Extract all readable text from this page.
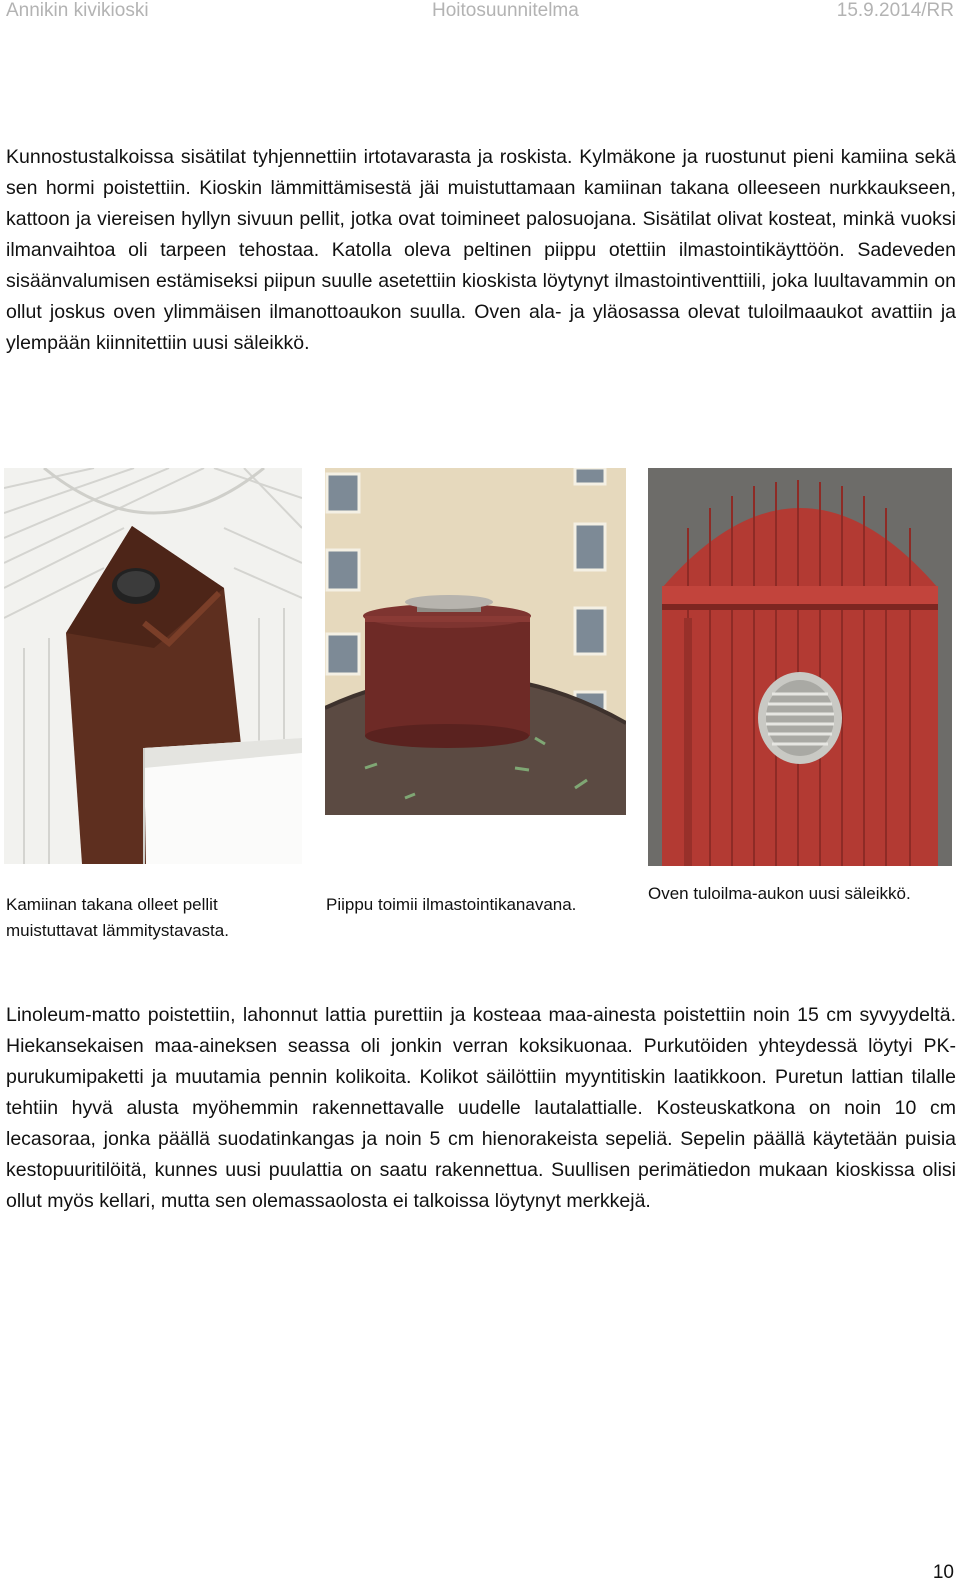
Annikin kivikioski	Hoitosuunnitelma	15.9.2014/RR

Kunnostustalkoissa sisätilat tyhjennettiin irtotavarasta ja roskista. Kylmäkone ja ruostunut pieni kamiina sekä sen hormi poistettiin. Kioskin lämmittämisestä jäi muistuttamaan kamiinan takana olleeseen nurkkaukseen, kattoon ja viereisen hyllyn sivuun pellit, jotka ovat toimineet palosuojana. Sisätilat olivat kosteat, minkä vuoksi ilmanvaihtoa oli tarpeen tehostaa. Katolla oleva peltinen piippu otettiin ilmastointikäyttöön. Sadeveden sisäänvalumisen estämiseksi piipun suulle asetettiin kioskista löytynyt ilmastointiventtiili, joka luultavammin on ollut joskus oven ylimmäisen ilmanottoaukon suulla. Oven ala- ja yläosassa olevat tuloilmaaukot avattiin ja ylempään kiinnitettiin uusi säleikkö.

Kamiinan takana olleet pellit muistuttavat lämmitystavasta.

Piippu toimii ilmastointikanavana.

Oven tuloilma-aukon uusi säleikkö.

Linoleum-matto poistettiin, lahonnut lattia purettiin ja kosteaa maa-ainesta poistettiin noin 15 cm syvyydeltä. Hiekansekaisen maa-aineksen seassa oli jonkin verran koksikuonaa. Purkutöiden yhteydessä löytyi PK-purukumipaketti ja muutamia pennin kolikoita. Kolikot säilöttiin myyntitiskin laatikkoon. Puretun lattian tilalle tehtiin hyvä alusta myöhemmin rakennettavalle uudelle lautalattialle. Kosteuskatkona on noin 10 cm lecasoraa, jonka päällä suodatinkangas ja noin 5 cm hienorakeista sepeliä. Sepelin päällä käytetään puisia kestopuuritilöitä, kunnes uusi puulattia on saatu rakennettua. Suullisen perimätiedon mukaan kioskissa olisi ollut myös kellari, mutta sen olemassaolosta ei talkoissa löytynyt merkkejä.

10
